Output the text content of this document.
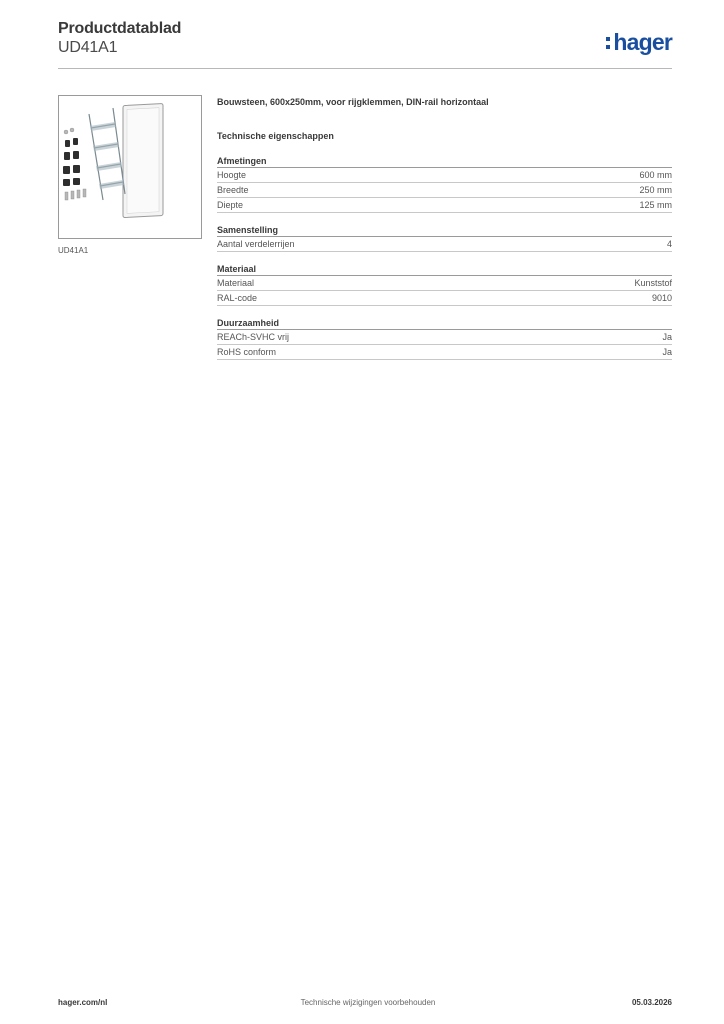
Productdatablad
UD41A1	hager
UD41A1
Bouwsteen, 600x250mm, voor rijgklemmen, DIN-rail horizontaal
Technische eigenschappen
Afmetingen
Hoogte	600 mm
Breedte	250 mm
Diepte	125 mm
Samenstelling
Aantal verdelerrijen	4
Materiaal
Materiaal	Kunststof
RAL-code	9010
Duurzaamheid
REACh-SVHC vrij	Ja
RoHS conform	Ja
hager.com/nl	Technische wijzigingen voorbehouden	05.03.2026
